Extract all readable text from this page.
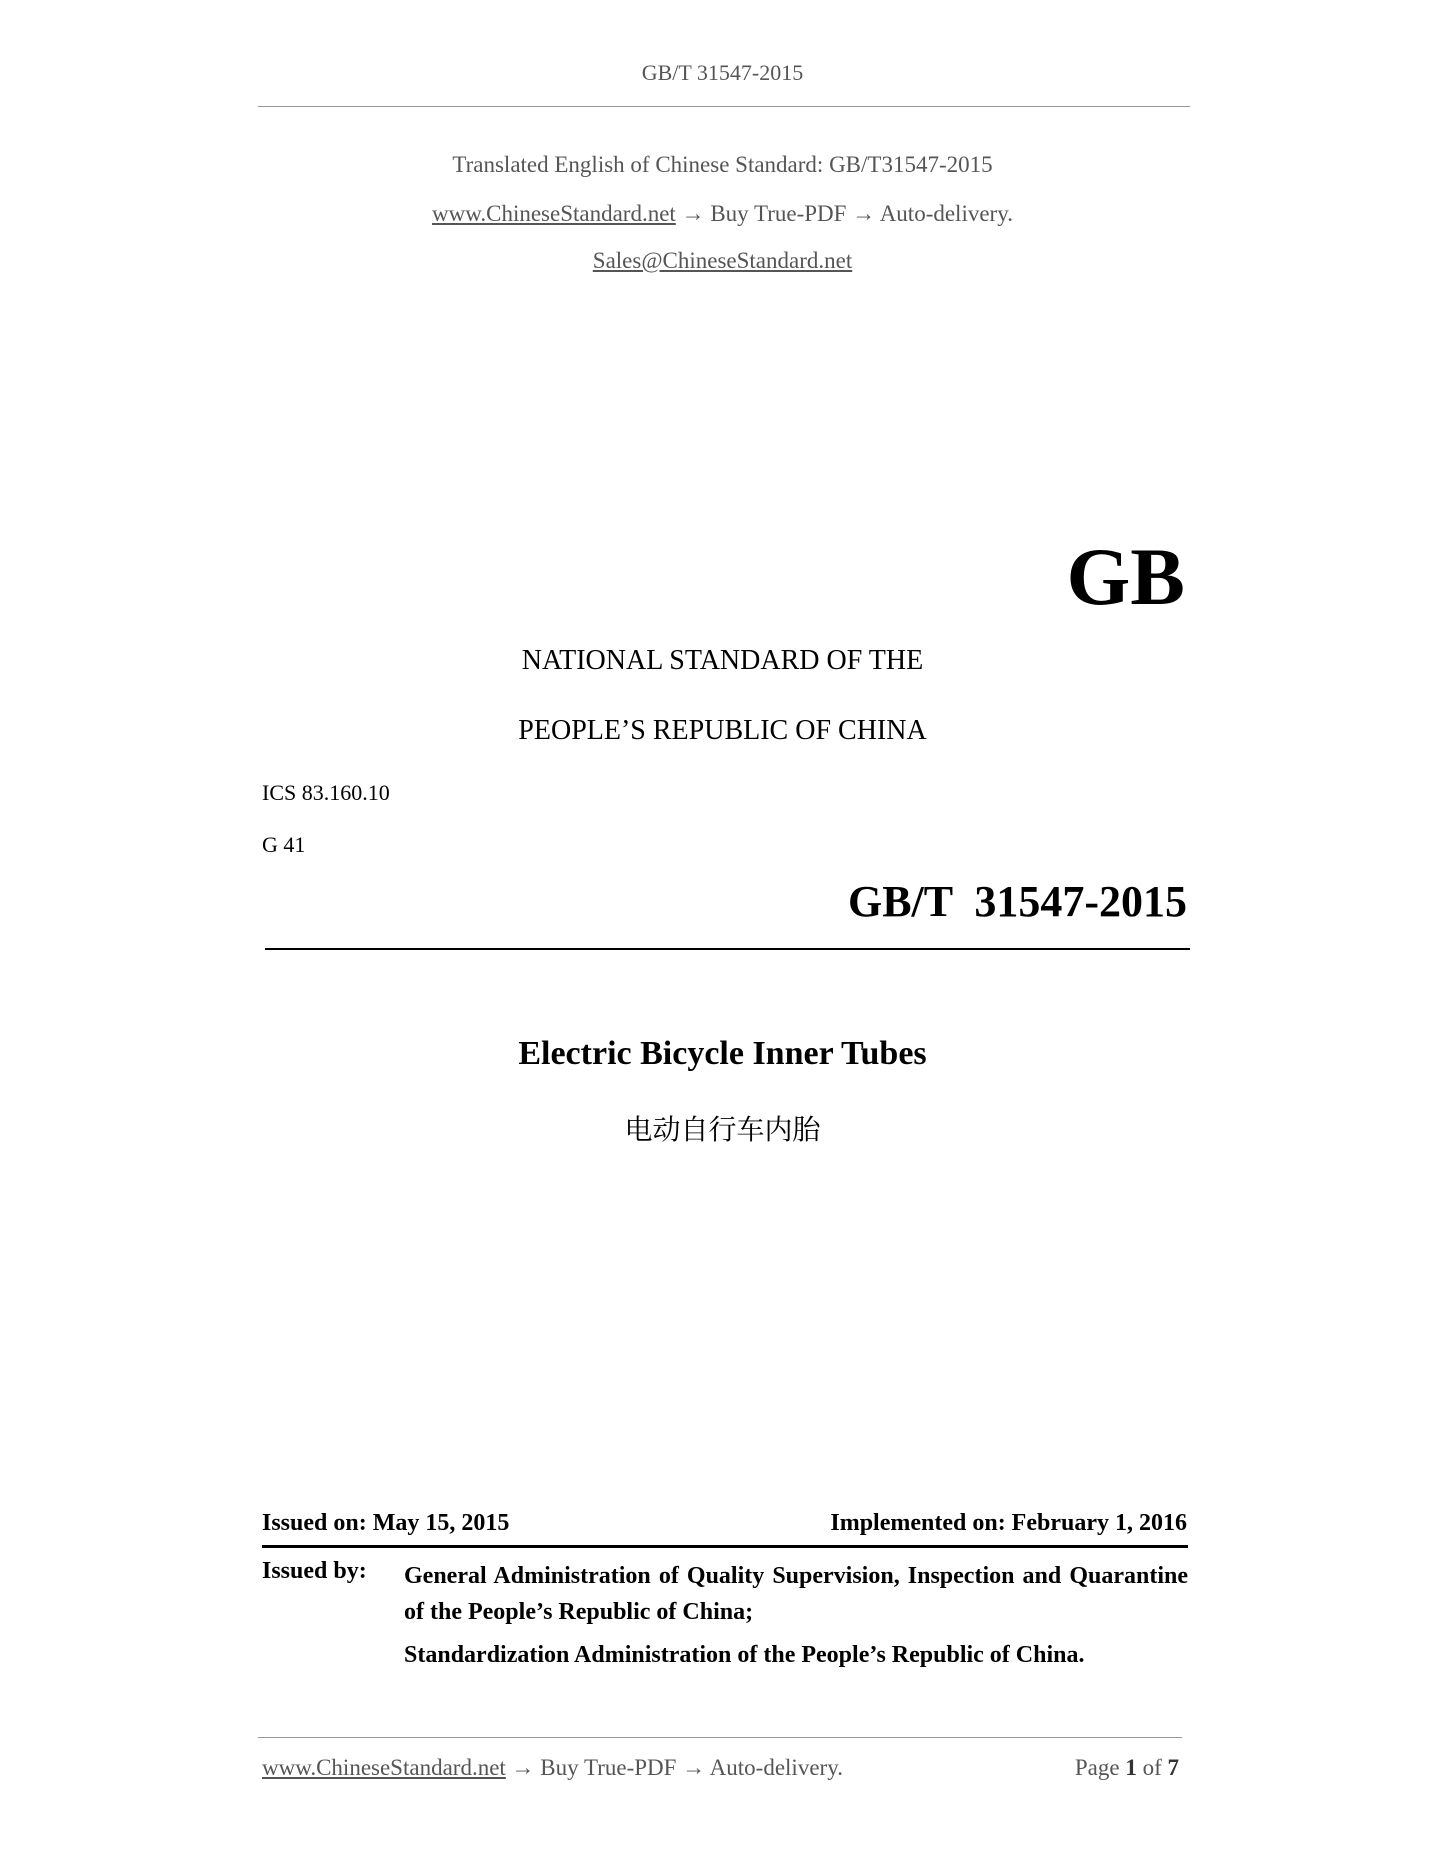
GB/T 31547-2015
Translated English of Chinese Standard: GB/T31547-2015
www.ChineseStandard.net → Buy True-PDF → Auto-delivery.
Sales@ChineseStandard.net
GB
NATIONAL STANDARD OF THE
PEOPLE’S REPUBLIC OF CHINA
ICS 83.160.10
G 41
GB/T  31547-2015
Electric Bicycle Inner Tubes
电动自行车内胎
Issued on: May 15, 2015	Implemented on: February 1, 2016
Issued by:	General Administration of Quality Supervision, Inspection and Quarantine of the People’s Republic of China;
Standardization Administration of the People’s Republic of China.
www.ChineseStandard.net → Buy True-PDF → Auto-delivery.	Page 1 of 7
